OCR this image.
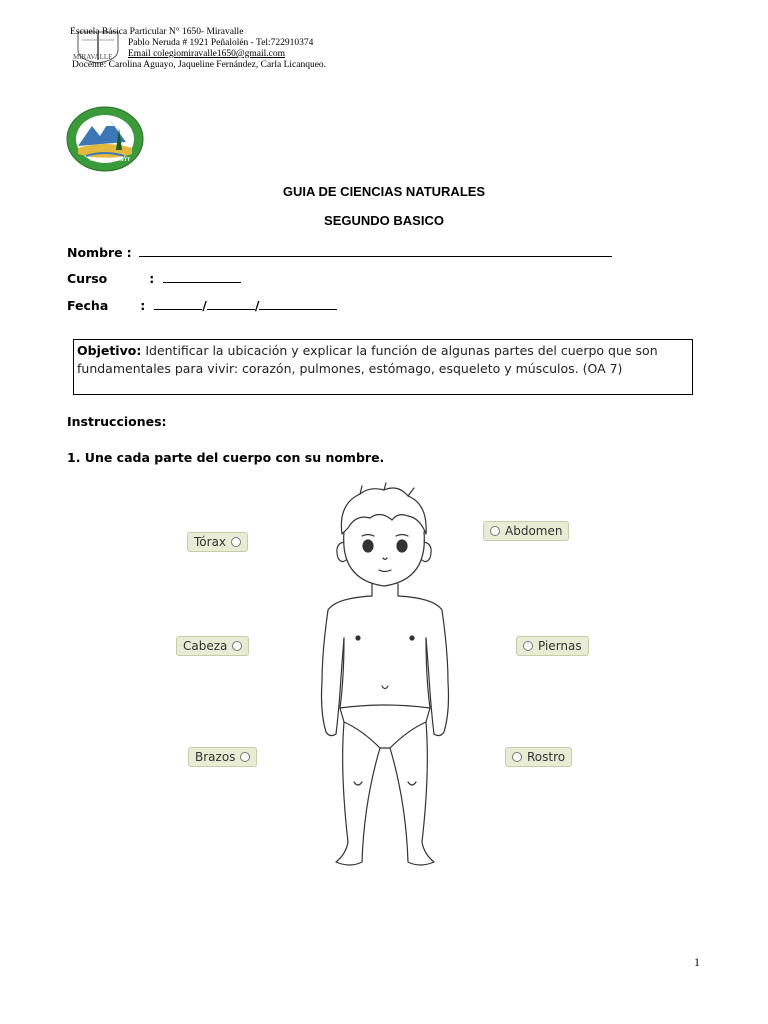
MIRAVALLE
Escuela Básica Particular N° 1650- Miravalle
Pablo Neruda # 1921 Peñalolén - Tel:722910374
Email colegiomiravalle1650@gmail.com
Docente: Carolina Aguayo, Jaqueline Fernández, Carla Licanqueo.
PUERTO MONTT
GUIA DE CIENCIAS NATURALES
SEGUNDO BASICO
Nombre :
Curso	:
Fecha	:	/	/
Objetivo: Identificar la ubicación y explicar la función de algunas partes del cuerpo que son fundamentales para vivir: corazón, pulmones, estómago, esqueleto y músculos. (OA 7)
Instrucciones:
1. Une cada parte del cuerpo con su nombre.
Tórax
Cabeza
Brazos
Abdomen
Piernas
Rostro
1
